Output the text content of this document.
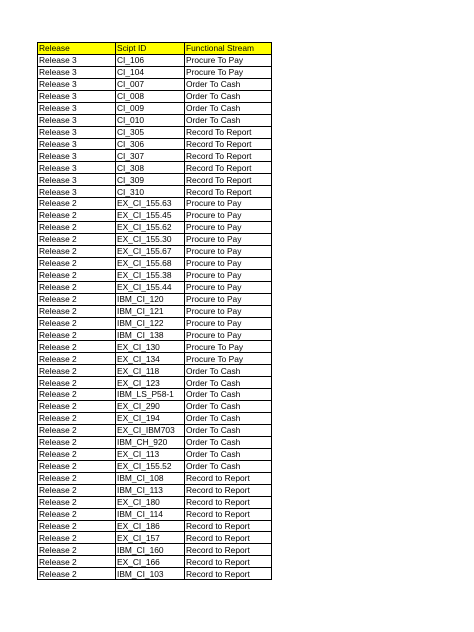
Release	Scipt ID	Functional Stream
Release 3	CI_106	Procure To Pay
Release 3	CI_104	Procure To Pay
Release 3	CI_007	Order To Cash
Release 3	CI_008	Order To Cash
Release 3	CI_009	Order To Cash
Release 3	CI_010	Order To Cash
Release 3	CI_305	Record To Report
Release 3	CI_306	Record To Report
Release 3	CI_307	Record To Report
Release 3	CI_308	Record To Report
Release 3	CI_309	Record To Report
Release 3	CI_310	Record To Report
Release 2	EX_CI_155.63	Procure to Pay
Release 2	EX_CI_155.45	Procure to Pay
Release 2	EX_CI_155.62	Procure to Pay
Release 2	EX_CI_155.30	Procure to Pay
Release 2	EX_CI_155.67	Procure to Pay
Release 2	EX_CI_155.68	Procure to Pay
Release 2	EX_CI_155.38	Procure to Pay
Release 2	EX_CI_155.44	Procure to Pay
Release 2	IBM_CI_120	Procure to Pay
Release 2	IBM_CI_121	Procure to Pay
Release 2	IBM_CI_122	Procure to Pay
Release 2	IBM_CI_138	Procure to Pay
Release 2	EX_CI_130	Procure To Pay
Release 2	EX_CI_134	Procure To Pay
Release 2	EX_CI_118	Order To Cash
Release 2	EX_CI_123	Order To Cash
Release 2	IBM_LS_P58-1	Order To Cash
Release 2	EX_CI_290	Order To Cash
Release 2	EX_CI_194	Order To Cash
Release 2	EX_CI_IBM703	Order To Cash
Release 2	IBM_CH_920	Order To Cash
Release 2	EX_CI_113	Order To Cash
Release 2	EX_CI_155.52	Order To Cash
Release 2	IBM_CI_108	Record to Report
Release 2	IBM_CI_113	Record to Report
Release 2	EX_CI_180	Record to Report
Release 2	IBM_CI_114	Record to Report
Release 2	EX_CI_186	Record to Report
Release 2	EX_CI_157	Record to Report
Release 2	IBM_CI_160	Record to Report
Release 2	EX_CI_166	Record to Report
Release 2	IBM_CI_103	Record to Report
